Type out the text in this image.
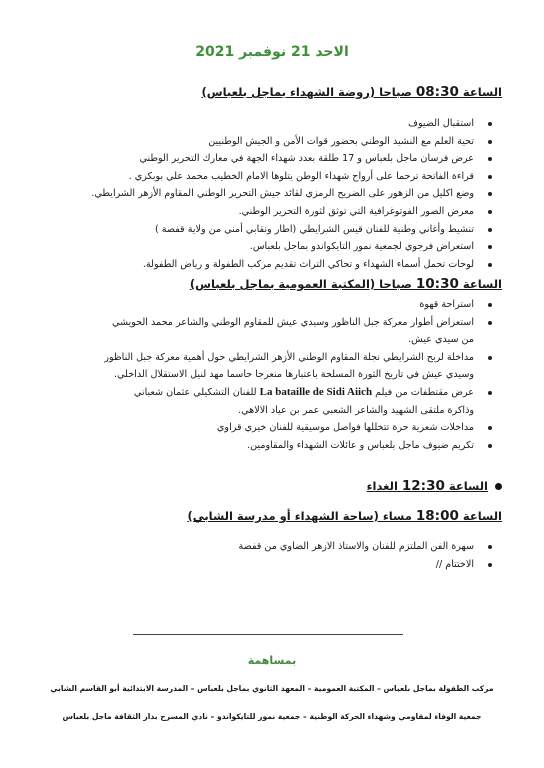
الاحد 21 نوفمبر 2021
الساعة 08:30 صباحا (روضة الشهداء بماجل بلعباس)
استقبال الضيوف
تحية العلم مع النشيد الوطني بحضور قوات الأمن و الجيش الوطنيين
عرض فرسان ماجل بلعباس و 17 طلقة بعدد شهداء الجهة في معارك التحرير الوطني
قراءة الفاتحة ترحما على أرواح شهداء الوطن يتلوها الامام الخطيب محمد علي بوبكري .
وضع اكليل من الزهور على الضريح الرمزي لقائد جيش التحرير الوطني المقاوم الأزهر الشرايطي.
معرض الصور الفوتوغرافية التي توثق لثورة التحرير الوطني.
تنشيط وأغاني وطنية للفنان قيس الشرايطي (اطار ونقابي أمني من ولاية قفصة )
استعراض فرجوي لجمعية نمور التايكواندو بماجل بلعباس.
لوحات تحمل أسماء الشهداء و تحاكي التراث تقديم مركب الطفولة و رياض الطفولة.
الساعة 10:30 صباحا (المكتبة العمومية بماجل بلعباس)
استراحة قهوة
استعراض أطوار معركة جبل الناظور وسيدي عيش للمقاوم الوطني والشاعر محمد الحويشي
من سيدي عيش.
مداخلة لربح الشرايطي نجلة المقاوم الوطني الأزهر الشرايطي حول أهمية معركة جبل الناظور
وسيدي عيش في تاريخ الثورة المسلحة باعتبارها منعرجا حاسما مهد لنيل الاستقلال الداخلي.
عرض مقتطفات من فيلم La bataille de Sidi Aiich للفنان التشكيلي عثمان شعباني
وذاكرة ملتقى الشهيد والشاعر الشعبي عمر بن عياد الالاهي.
مداخلات شعرية حرة تتخللها فواصل موسيقية للفنان خيري قراوي
تكريم ضيوف ماجل بلعباس و عائلات الشهداء والمقاومين.
الساعة 12:30 الغداء
الساعة 18:00 مساء (ساحة الشهداء أو مدرسة الشابي)
سهرة الفن الملتزم للفنان والاستاذ الازهر الضاوي من قفصة
الاختتام //
بمساهمة
مركب الطفولة بماجل بلعباس – المكتبة العمومية – المعهد الثانوي بماجل بلعباس – المدرسة الابتدائية أبو القاسم الشابي
جمعية الوفاء لمقاومي وشهداء الحركة الوطنية – جمعية نمور للتايكواندو – نادي المسرح بدار الثقافة ماجل بلعباس
